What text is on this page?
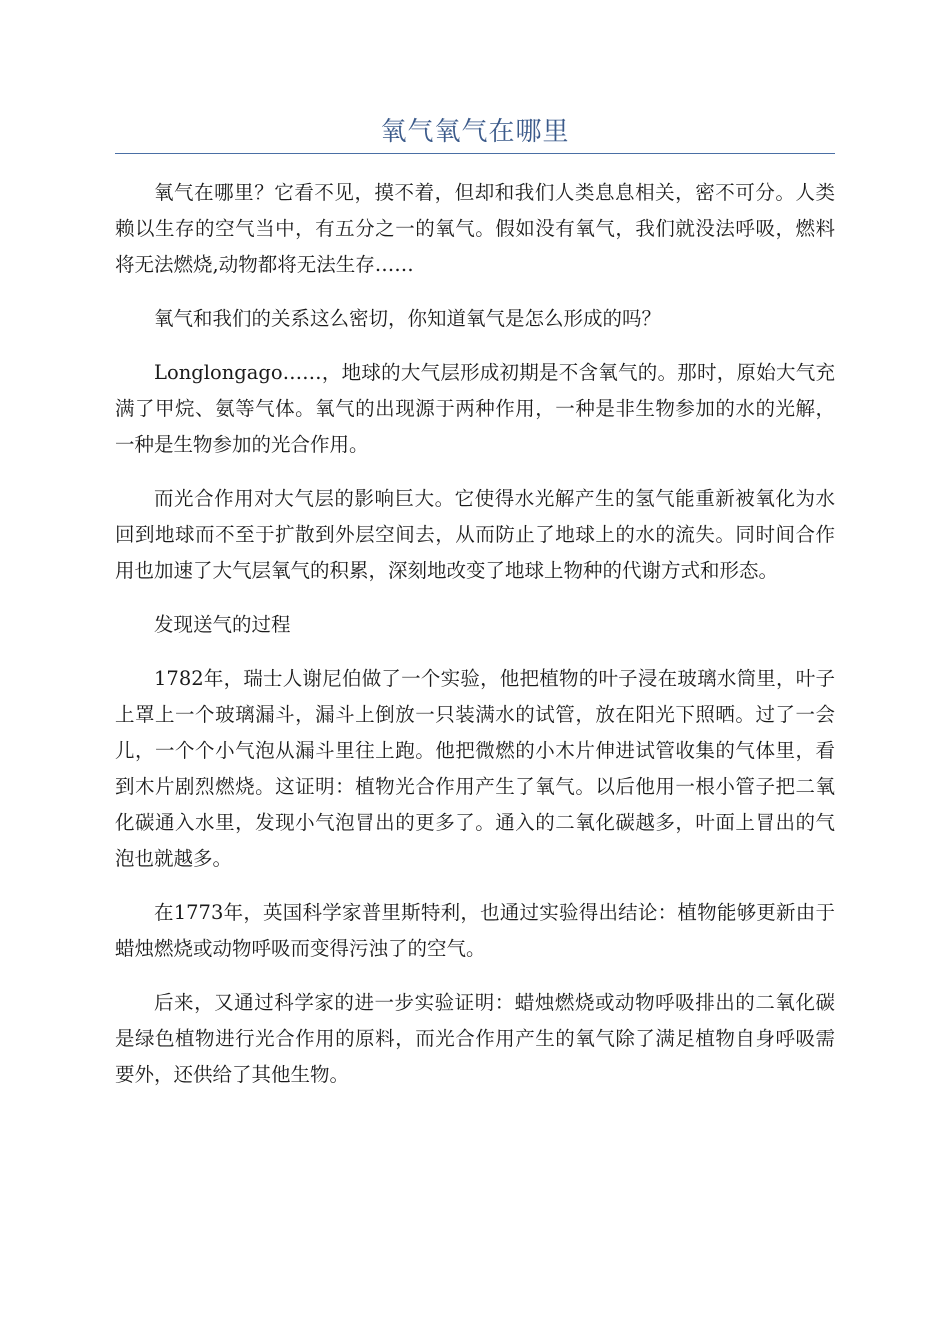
氧气氧气在哪里

氧气在哪里？它看不见，摸不着，但却和我们人类息息相关，密不可分。人类赖以生存的空气当中，有五分之一的氧气。假如没有氧气，我们就没法呼吸，燃料将无法燃烧,动物都将无法生存……

氧气和我们的关系这么密切，你知道氧气是怎么形成的吗？

Longlongago……，地球的大气层形成初期是不含氧气的。那时，原始大气充满了甲烷、氨等气体。氧气的出现源于两种作用，一种是非生物参加的水的光解，一种是生物参加的光合作用。

而光合作用对大气层的影响巨大。它使得水光解产生的氢气能重新被氧化为水回到地球而不至于扩散到外层空间去，从而防止了地球上的水的流失。同时间合作用也加速了大气层氧气的积累，深刻地改变了地球上物种的代谢方式和形态。

发现送气的过程

1782年，瑞士人谢尼伯做了一个实验，他把植物的叶子浸在玻璃水筒里，叶子上罩上一个玻璃漏斗，漏斗上倒放一只装满水的试管，放在阳光下照晒。过了一会儿，一个个小气泡从漏斗里往上跑。他把微燃的小木片伸进试管收集的气体里，看到木片剧烈燃烧。这证明：植物光合作用产生了氧气。以后他用一根小管子把二氧化碳通入水里，发现小气泡冒出的更多了。通入的二氧化碳越多，叶面上冒出的气泡也就越多。

在1773年，英国科学家普里斯特利，也通过实验得出结论：植物能够更新由于蜡烛燃烧或动物呼吸而变得污浊了的空气。

后来，又通过科学家的进一步实验证明：蜡烛燃烧或动物呼吸排出的二氧化碳是绿色植物进行光合作用的原料，而光合作用产生的氧气除了满足植物自身呼吸需要外，还供给了其他生物。
